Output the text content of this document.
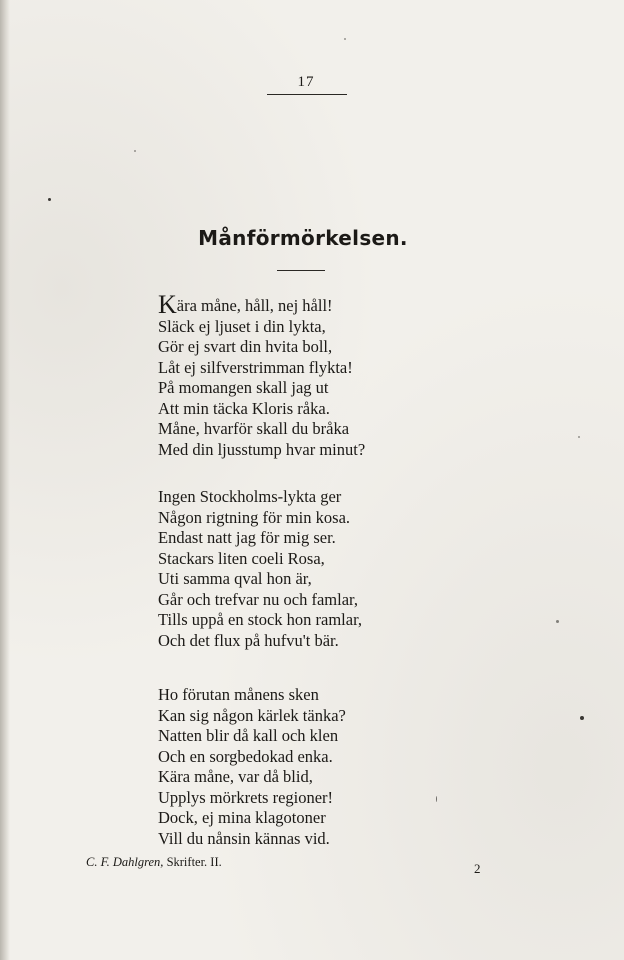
17
Månförmörkelsen.
Kära måne, håll, nej håll!
Släck ej ljuset i din lykta,
Gör ej svart din hvita boll,
Låt ej silfverstrimman flykta!
På momangen skall jag ut
Att min täcka Kloris råka.
Måne, hvarför skall du bråka
Med din ljusstump hvar minut?
Ingen Stockholms-lykta ger
Någon rigtning för min kosa.
Endast natt jag för mig ser.
Stackars liten coeli Rosa,
Uti samma qval hon är,
Går och trefvar nu och famlar,
Tills uppå en stock hon ramlar,
Och det flux på hufvu't bär.
Ho förutan månens sken
Kan sig någon kärlek tänka?
Natten blir då kall och klen
Och en sorgbedokad enka.
Kära måne, var då blid,
Upplys mörkrets regioner!
Dock, ej mina klagotoner
Vill du nånsin kännas vid.
C. F. Dahlgren, Skrifter. II.	2
